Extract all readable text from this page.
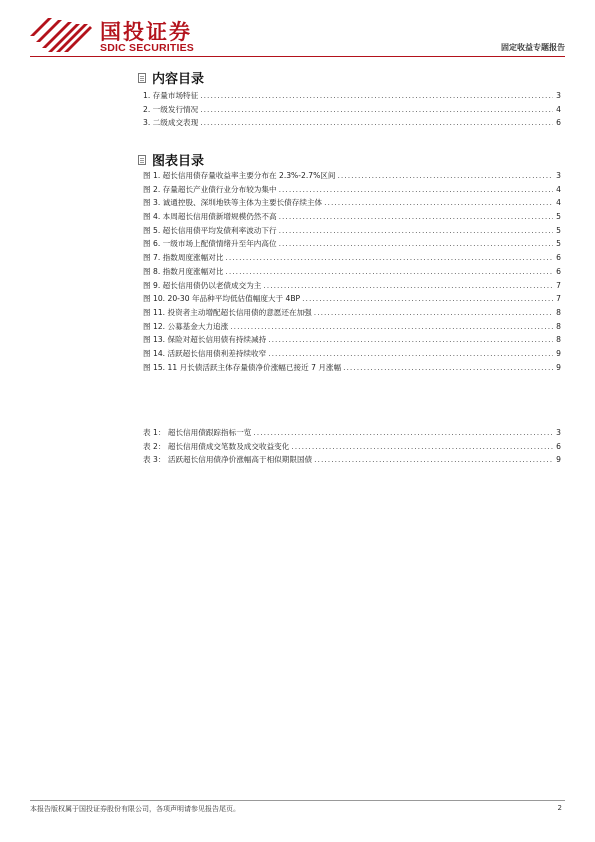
国投证券
SDIC SECURITIES	固定收益专题报告
内容目录
1. 存量市场特征 .....	3
2. 一级发行情况 .....	4
3. 二级成交表现 .....	6
图表目录
图 1. 超长信用债存量收益率主要分布在 2.3%-2.7%区间 .....	3
图 2. 存量超长产业债行业分布较为集中 .....	4
图 3. 诚通控股、深圳地铁等主体为主要长债存续主体 .....	4
图 4. 本周超长信用债新增规模仍然不高 .....	5
图 5. 超长信用债平均发债利率波动下行 .....	5
图 6. 一级市场上配债情绪升至年内高位 .....	5
图 7. 指数周度涨幅对比 .....	6
图 8. 指数月度涨幅对比 .....	6
图 9. 超长信用债仍以老债成交为主 .....	7
图 10. 20-30 年品种平均低估值幅度大于 4BP .....	7
图 11. 投资者主动增配超长信用债的意愿还在加强 .....	8
图 12. 公募基金大力追涨 .....	8
图 13. 保险对超长信用债有持续减持 .....	8
图 14. 活跃超长信用债利差持续收窄 .....	9
图 15. 11 月长债活跃主体存量债净价涨幅已接近 7 月涨幅 .....	9
表 1： 超长信用债跟踪指标一览 .....	3
表 2： 超长信用债成交笔数及成交收益变化 .....	6
表 3： 活跃超长信用债净价涨幅高于相似期限国债 .....	9
本报告版权属于国投证券股份有限公司，各项声明请参见报告尾页。	2
